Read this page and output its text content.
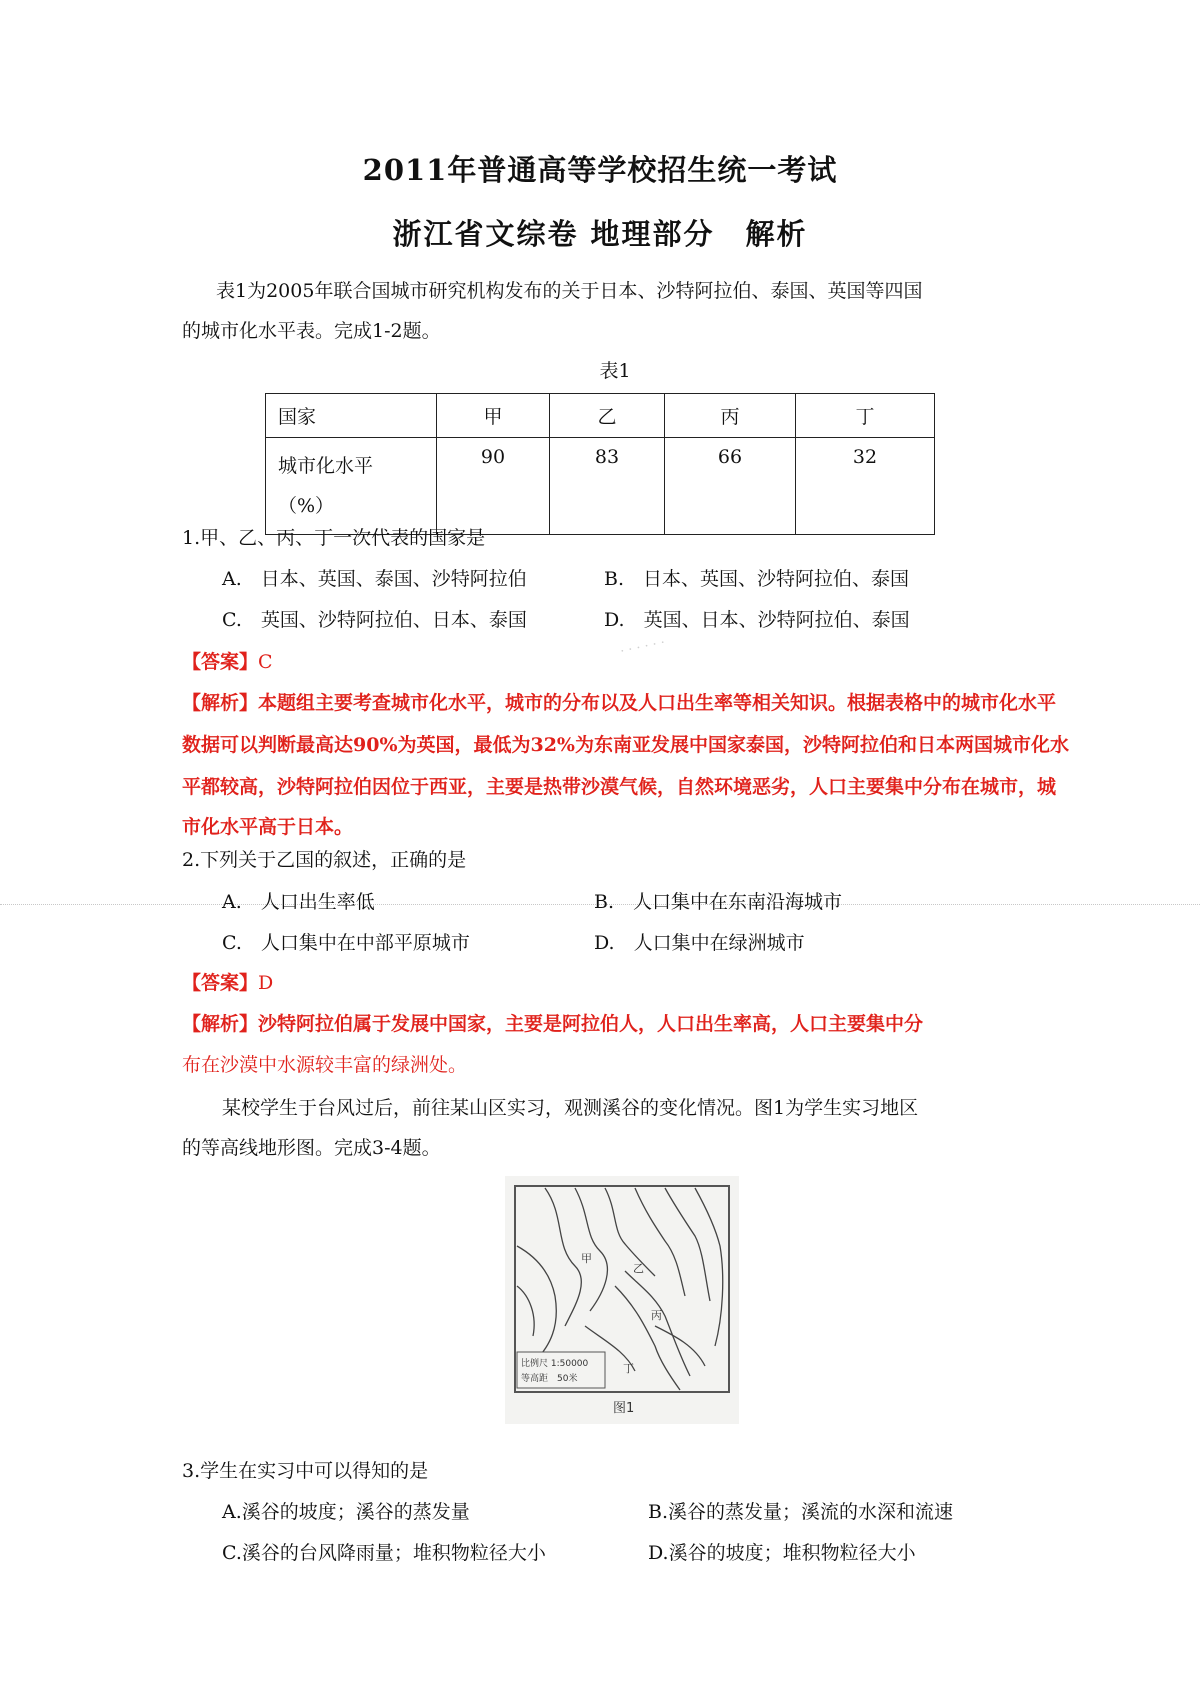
2011年普通高等学校招生统一考试
浙江省文综卷 地理部分　解析
表1为2005年联合国城市研究机构发布的关于日本、沙特阿拉伯、泰国、英国等四国
的城市化水平表。完成1-2题。
表1
国家	甲	乙	丙	丁
城市化水平
（%）	90	83	66	32
1.甲、乙、丙、丁一次代表的国家是
A.　日本、英国、泰国、沙特阿拉伯	B.　日本、英国、沙特阿拉伯、泰国
C.　英国、沙特阿拉伯、日本、泰国	D.　英国、日本、沙特阿拉伯、泰国
【答案】C
· · · · · ·
【解析】本题组主要考查城市化水平，城市的分布以及人口出生率等相关知识。根据表格中的城市化水平
数据可以判断最高达90%为英国，最低为32%为东南亚发展中国家泰国，沙特阿拉伯和日本两国城市化水
平都较高，沙特阿拉伯因位于西亚，主要是热带沙漠气候，自然环境恶劣，人口主要集中分布在城市，城
市化水平高于日本。
2.下列关于乙国的叙述，正确的是
A.　人口出生率低	B.　人口集中在东南沿海城市
C.　人口集中在中部平原城市	D.　人口集中在绿洲城市
【答案】D
【解析】沙特阿拉伯属于发展中国家，主要是阿拉伯人，人口出生率高，人口主要集中分
布在沙漠中水源较丰富的绿洲处。
某校学生于台风过后，前往某山区实习，观测溪谷的变化情况。图1为学生实习地区
的等高线地形图。完成3-4题。
甲
乙
丙
丁
比例尺 1:50000
等高距　50米
图1
3.学生在实习中可以得知的是
A.溪谷的坡度；溪谷的蒸发量	B.溪谷的蒸发量；溪流的水深和流速
C.溪谷的台风降雨量；堆积物粒径大小	D.溪谷的坡度；堆积物粒径大小
